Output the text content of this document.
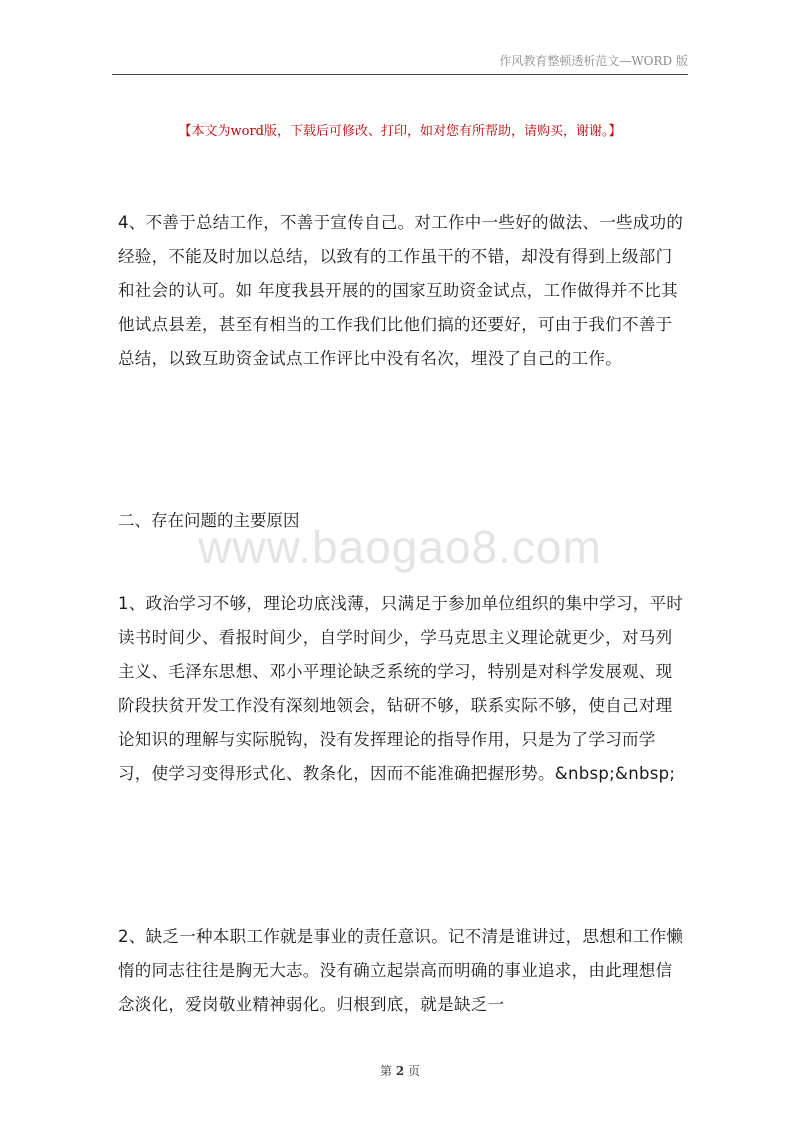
作风教育整顿透析范文—WORD 版
【本文为word版，下载后可修改、打印，如对您有所帮助，请购买，谢谢。】
4、不善于总结工作，不善于宣传自己。对工作中一些好的做法、一些成功的经验，不能及时加以总结，以致有的工作虽干的不错，却没有得到上级部门和社会的认可。如 年度我县开展的的国家互助资金试点，工作做得并不比其他试点县差，甚至有相当的工作我们比他们搞的还要好，可由于我们不善于总结，以致互助资金试点工作评比中没有名次，埋没了自己的工作。
二、存在问题的主要原因
www.baogao8.com
1、政治学习不够，理论功底浅薄，只满足于参加单位组织的集中学习，平时读书时间少、看报时间少，自学时间少，学马克思主义理论就更少，对马列主义、毛泽东思想、邓小平理论缺乏系统的学习，特别是对科学发展观、现阶段扶贫开发工作没有深刻地领会，钻研不够，联系实际不够，使自己对理论知识的理解与实际脱钩，没有发挥理论的指导作用，只是为了学习而学习，使学习变得形式化、教条化，因而不能准确把握形势。&nbsp;&nbsp;
2、缺乏一种本职工作就是事业的责任意识。记不清是谁讲过，思想和工作懒惰的同志往往是胸无大志。没有确立起崇高而明确的事业追求，由此理想信念淡化，爱岗敬业精神弱化。归根到底，就是缺乏一
第 2 页
